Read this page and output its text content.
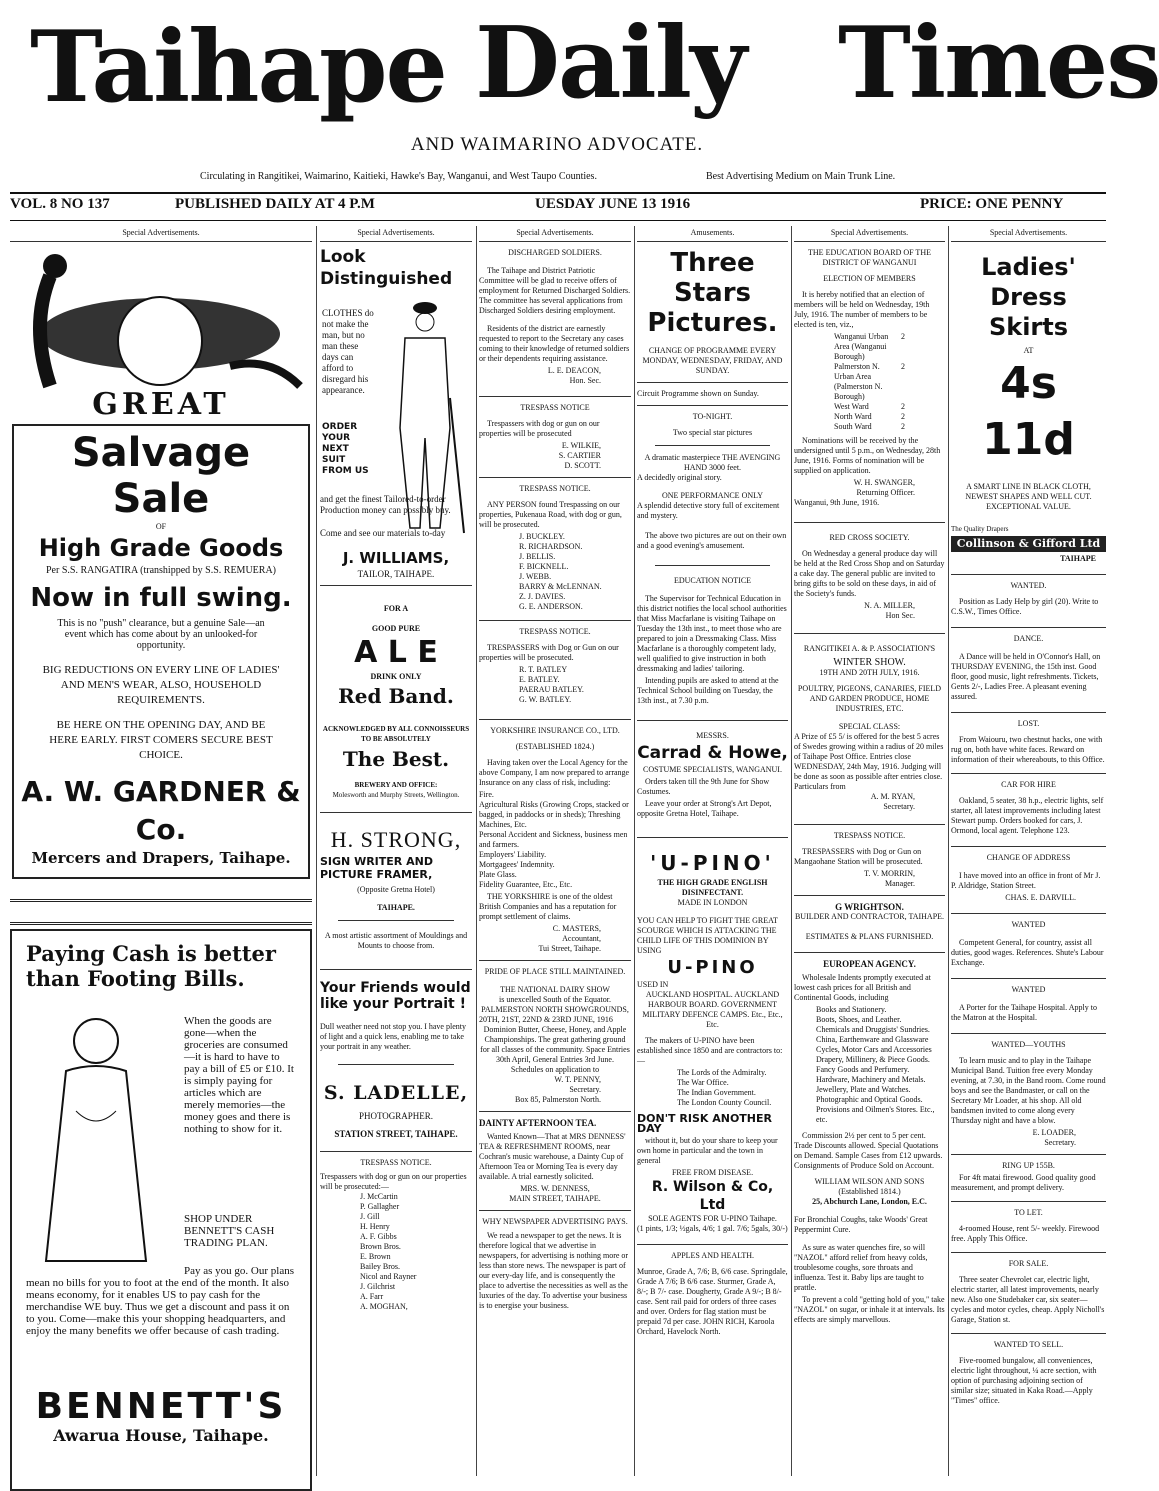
Taihape Daily Times
AND WAIMARINO ADVOCATE.
Circulating in Rangitikei, Waimarino, Kaitieki, Hawke's Bay, Wanganui, and West Taupo Counties.	Best Advertising Medium on Main Trunk Line.
VOL. 8 NO 137	PUBLISHED DAILY AT 4 P.M	UESDAY JUNE 13 1916	PRICE: ONE PENNY
Special Advertisements.
GREAT
Salvage Sale
OF
High Grade Goods
Per S.S. RANGATIRA (transhipped by S.S. REMUERA)
Now in full swing.
This is no "push" clearance, but a genuine Sale—an event which has come about by an unlooked-for opportunity.
BIG REDUCTIONS ON EVERY LINE OF LADIES' AND MEN'S WEAR, ALSO, HOUSEHOLD REQUIREMENTS.
BE HERE ON THE OPENING DAY, AND BE HERE EARLY. FIRST COMERS SECURE BEST CHOICE.
A. W. GARDNER & Co.
Mercers and Drapers, Taihape.
Paying Cash is better than Footing Bills.
When the goods are gone—when the groceries are consumed—it is hard to have to pay a bill of £5 or £10. It is simply paying for articles which are merely memories—the money goes and there is nothing to show for it.
SHOP UNDER BENNETT'S CASH TRADING PLAN.
Pay as you go. Our plans mean no bills for you to foot at the end of the month. It also means economy, for it enables US to pay cash for the merchandise WE buy. Thus we get a discount and pass it on to you. Come—make this your shopping headquarters, and enjoy the many benefits we offer because of cash trading.
BENNETT'S
Awarua House, Taihape.
Special Advertisements.
Look Distinguished
CLOTHES do not make the man, but no man these days can afford to disregard his appearance.
ORDER YOUR NEXT SUIT FROM US
and get the finest Tailored-to-order Production money can possibly buy.
Come and see our materials to-day
J. WILLIAMS,
TAILOR, TAIHAPE.
FOR A
GOOD PURE
A L E
DRINK ONLY
Red Band.
ACKNOWLEDGED BY ALL CONNOISSEURS TO BE ABSOLUTELY
The Best.
BREWERY AND OFFICE:
Molesworth and Murphy Streets, Wellington.
H. STRONG,
SIGN WRITER AND PICTURE FRAMER,
(Opposite Gretna Hotel)
TAIHAPE.
A most artistic assortment of Mouldings and Mounts to choose from.
Your Friends would like your Portrait !
Dull weather need not stop you. I have plenty of light and a quick lens, enabling me to take your portrait in any weather.
S. LADELLE,
PHOTOGRAPHER.
STATION STREET, TAIHAPE.
TRESPASS NOTICE.
Trespassers with dog or gun on our properties will be prosecuted:—
J. McCartin
P. Gallagher
J. Gill
H. Henry
A. F. Gibbs
Brown Bros.
E. Brown
Bailey Bros.
Nicol and Rayner
J. Gilchrist
A. Farr
A. MOGHAN,
Special Advertisements.
DISCHARGED SOLDIERS.

The Taihape and District Patriotic Committee will be glad to receive offers of employment for Returned Discharged Soldiers. The committee has several applications from Discharged Soldiers desiring employment.

Residents of the district are earnestly requested to report to the Secretary any cases coming to their knowledge of returned soldiers or their dependents requiring assistance.

L. E. DEACON,
Hon. Sec.
TRESPASS NOTICE

Trespassers with dog or gun on our properties will be prosecuted

E. WILKIE,
S. CARTIER
D. SCOTT.
TRESPASS NOTICE.

ANY PERSON found Trespassing on our properties, Pukenaua Road, with dog or gun, will be prosecuted.

J. BUCKLEY.
R. RICHARDSON.
J. BELLIS.
F. BICKNELL.
J. WEBB.
BARRY & McLENNAN.
Z. J. DAVIES.
G. E. ANDERSON.
TRESPASS NOTICE.

TRESPASSERS with Dog or Gun on our properties will be prosecuted.

R. T. BATLEY
E. BATLEY.
PAERAU BATLEY.
G. W. BATLEY.
YORKSHIRE INSURANCE CO., LTD.
(ESTABLISHED 1824.)

Having taken over the Local Agency for the above Company, I am now prepared to arrange Insurance on any class of risk, including:

Fire.
Agricultural Risks (Growing Crops, stacked or bagged, in paddocks or in sheds); Threshing Machines, Etc.
Personal Accident and Sickness, business men and farmers.
Employers' Liability.
Mortgagees' Indemnity.
Plate Glass.
Fidelity Guarantee, Etc., Etc.

THE YORKSHIRE is one of the oldest British Companies and has a reputation for prompt settlement of claims.

C. MASTERS,
Accountant,
Tui Street, Taihape.
PRIDE OF PLACE STILL MAINTAINED.
THE NATIONAL DAIRY SHOW
is unexcelled South of the Equator. PALMERSTON NORTH SHOWGROUNDS,
20TH, 21ST, 22ND & 23RD JUNE, 1916
Dominion Butter, Cheese, Honey, and Apple Championships. The great gathering ground for all classes of the community. Space Entries 30th April, General Entries 3rd June. Schedules on application to
W. T. PENNY,
Secretary.
Box 85, Palmerston North.
DAINTY AFTERNOON TEA.

Wanted Known—That at MRS DENNESS' TEA & REFRESHMENT ROOMS, near Cochran's music warehouse, a Dainty Cup of Afternoon Tea or Morning Tea is every day available. A trial earnestly solicited.

MRS. W. DENNESS,
MAIN STREET, TAIHAPE.
WHY NEWSPAPER ADVERTISING PAYS.

We read a newspaper to get the news. It is therefore logical that we advertise in newspapers, for advertising is nothing more or less than store news. The newspaper is part of our every-day life, and is consequently the place to advertise the necessities as well as the luxuries of the day. To advertise your business is to energise your business.

Amusements.
Three Stars Pictures.
CHANGE OF PROGRAMME EVERY MONDAY, WEDNESDAY, FRIDAY, AND SUNDAY.
Circuit Programme shown on Sunday.
TO-NIGHT.
Two special star pictures
A dramatic masterpiece THE AVENGING HAND 3000 feet.
A decidedly original story.
ONE PERFORMANCE ONLY
A splendid detective story full of excitement and mystery.

The above two pictures are out on their own and a good evening's amusement.

EDUCATION NOTICE

The Supervisor for Technical Education in this district notifies the local school authorities that Miss Macfarlane is visiting Taihape on Tuesday the 13th inst., to meet those who are prepared to join a Dressmaking Class. Miss Macfarlane is a thoroughly competent lady, well qualified to give instruction in both dressmaking and ladies' tailoring.

Intending pupils are asked to attend at the Technical School building on Tuesday, the 13th inst., at 7.30 p.m.

MESSRS.
Carrad & Howe,
COSTUME SPECIALISTS, WANGANUI.

Orders taken till the 9th June for Show Costumes.

Leave your order at Strong's Art Depot, opposite Gretna Hotel, Taihape.

'U-PINO'
THE HIGH GRADE ENGLISH DISINFECTANT.
MADE IN LONDON
YOU CAN HELP TO FIGHT THE GREAT SCOURGE WHICH IS ATTACKING THE CHILD LIFE OF THIS DOMINION BY USING
U-PINO
USED IN
AUCKLAND HOSPITAL. AUCKLAND HARBOUR BOARD. GOVERNMENT MILITARY DEFENCE CAMPS. Etc., Etc., Etc.

The makers of U-PINO have been established since 1850 and are contractors to:—

The Lords of the Admiralty.
The War Office.
The Indian Government.
The London County Council.
DON'T RISK ANOTHER DAY

without it, but do your share to keep your own home in particular and the town in general

FREE FROM DISEASE.
R. Wilson & Co, Ltd
SOLE AGENTS FOR U-PINO Taihape.
(1 pints, 1/3; ½gals, 4/6; 1 gal. 7/6; 5gals, 30/-)
APPLES AND HEALTH.
Munroe, Grade A, 7/6; B, 6/6 case. Springdale, Grade A 7/6; B 6/6 case. Sturmer, Grade A, 8/-; B 7/- case. Dougherty, Grade A 9/-; B 8/- case. Sent rail paid for orders of three cases and over. Orders for flag station must be prepaid 7d per case. JOHN RICH, Karoola Orchard, Havelock North.
Special Advertisements.
THE EDUCATION BOARD OF THE DISTRICT OF WANGANUI
ELECTION OF MEMBERS

It is hereby notified that an election of members will be held on Wednesday, 19th July, 1916. The number of members to be elected is ten, viz.,

Wanganui Urban Area (Wanganui Borough)
2
Palmerston N. Urban Area (Palmerston N. Borough)
2
West Ward	2
North Ward	2
South Ward	2

Nominations will be received by the undersigned until 5 p.m., on Wednesday, 28th June, 1916. Forms of nomination will be supplied on application.

W. H. SWANGER,
Returning Officer.
Wanganui, 9th June, 1916.
RED CROSS SOCIETY.

On Wednesday a general produce day will be held at the Red Cross Shop and on Saturday a cake day. The general public are invited to bring gifts to be sold on these days, in aid of the Society's funds.

N. A. MILLER,
Hon Sec.
RANGITIKEI A. & P. ASSOCIATION'S
WINTER SHOW.
19TH AND 20TH JULY, 1916.
POULTRY, PIGEONS, CANARIES, FIELD AND GARDEN PRODUCE, HOME INDUSTRIES, ETC.
SPECIAL CLASS:
A Prize of £5 5/ is offered for the best 5 acres of Swedes growing within a radius of 20 miles of Taihape Post Office. Entries close WEDNESDAY, 24th May, 1916. Judging will be done as soon as possible after entries close. Particulars from
A. M. RYAN,
Secretary.
TRESPASS NOTICE.

TRESPASSERS with Dog or Gun on Mangaohane Station will be prosecuted.

T. V. MORRIN,
Manager.
G WRIGHTSON.
BUILDER AND CONTRACTOR, TAIHAPE.
ESTIMATES & PLANS FURNISHED.
EUROPEAN AGENCY.

Wholesale Indents promptly executed at lowest cash prices for all British and Continental Goods, including

Books and Stationery.
Boots, Shoes, and Leather.
Chemicals and Druggists' Sundries.
China, Earthenware and Glassware
Cycles, Motor Cars and Accessories
Drapery, Millinery, & Piece Goods.
Fancy Goods and Perfumery.
Hardware, Machinery and Metals.
Jewellery, Plate and Watches.
Photographic and Optical Goods.
Provisions and Oilmen's Stores. Etc., etc.

Commission 2½ per cent to 5 per cent. Trade Discounts allowed. Special Quotations on Demand. Sample Cases from £12 upwards. Consignments of Produce Sold on Account.

WILLIAM WILSON AND SONS
(Established 1814.)
25, Abchurch Lane, London, E.C.
For Bronchial Coughs, take Woods' Great Peppermint Cure.

As sure as water quenches fire, so will "NAZOL" afford relief from heavy colds, troublesome coughs, sore throats and influenza. Test it. Baby lips are taught to prattle.

To prevent a cold "getting hold of you," take "NAZOL" on sugar, or inhale it at intervals. Its effects are simply marvellous.

Special Advertisements.
Ladies' Dress Skirts
AT
4s 11d
A SMART LINE IN BLACK CLOTH, NEWEST SHAPES AND WELL CUT. EXCEPTIONAL VALUE.
The Quality Drapers
Collinson & Gifford Ltd
TAIHAPE
WANTED.

Position as Lady Help by girl (20). Write to C.S.W., Times Office.

DANCE.

A Dance will be held in O'Connor's Hall, on THURSDAY EVENING, the 15th inst. Good floor, good music, light refreshments. Tickets, Gents 2/-, Ladies Free. A pleasant evening assured.

LOST.

From Waiouru, two chestnut hacks, one with rug on, both have white faces. Reward on information of their whereabouts, to this Office.

CAR FOR HIRE

Oakland, 5 seater, 38 h.p., electric lights, self starter, all latest improvements including latest Stewart pump. Orders booked for cars, J. Ormond, local agent. Telephone 123.

CHANGE OF ADDRESS

I have moved into an office in front of Mr J. P. Aldridge, Station Street.

CHAS. E. DARVILL.
WANTED

Competent General, for country, assist all duties, good wages. References. Shute's Labour Exchange.

WANTED

A Porter for the Taihape Hospital. Apply to the Matron at the Hospital.

WANTED—YOUTHS

To learn music and to play in the Taihape Municipal Band. Tuition free every Monday evening, at 7.30, in the Band room. Come round boys and see the Bandmaster, or call on the Secretary Mr Loader, at his shop. All old bandsmen invited to come along every Thursday night and have a blow.

E. LOADER,
Secretary.
RING UP 155B.

For 4ft matai firewood. Good quality good measurement, and prompt delivery.

TO LET.

4-roomed House, rent 5/- weekly. Firewood free. Apply This Office.

FOR SALE.

Three seater Chevrolet car, electric light, electric starter, all latest improvements, nearly new. Also one Studebaker car, six seater—cycles and motor cycles, cheap. Apply Nicholl's Garage, Station st.

WANTED TO SELL.

Five-roomed bungalow, all conveniences, electric light throughout, ¼ acre section, with option of purchasing adjoining section of similar size; situated in Kaka Road.—Apply "Times" office.
